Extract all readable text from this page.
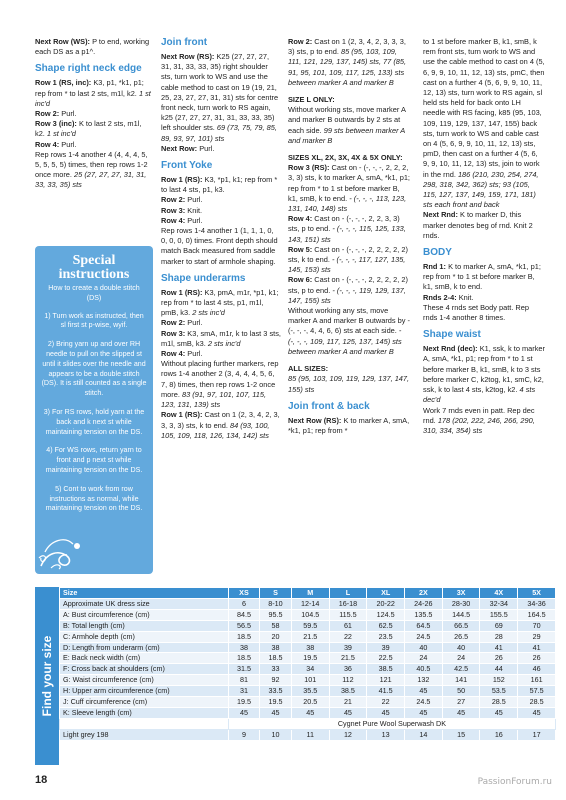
Next Row (WS): P to end, working each DS as a p1^.

Shape right neck edge

Row 1 (RS, inc): K3, p1, *k1, p1; rep from * to last 2 sts, m1l, k2. 1 st inc'd

Row 2: Purl.

Row 3 (inc): K to last 2 sts, m1l, k2. 1 st inc'd

Row 4: Purl.

Rep rows 1-4 another 4 (4, 4, 4, 5, 5, 5, 5, 5) times, then rep rows 1-2 once more. 25 (27, 27, 27, 31, 31, 33, 33, 35) sts

Special
instructions
How to create a double stitch (DS)
1) Turn work as instructed, then sl first st p-wise, wyif.
2) Bring yarn up and over RH needle to pull on the slipped st until it slides over the needle and appears to be a double stitch (DS). It is still counted as a single stitch.
3) For RS rows, hold yarn at the back and k next st while maintaining tension on the DS.
4) For WS rows, return yarn to front and p next st while maintaining tension on the DS.
5) Cont to work from row instructions as normal, while maintaining tension on the DS.
Join front

Next Row (RS): K25 (27, 27, 27, 31, 31, 33, 33, 35) right shoulder sts, turn work to WS and use the cable method to cast on 19 (19, 21, 25, 23, 27, 27, 31, 31) sts for centre front neck, turn work to RS again, k25 (27, 27, 27, 31, 31, 33, 33, 35) left shoulder sts. 69 (73, 75, 79, 85, 89, 93, 97, 101) sts

Next Row: Purl.

Front Yoke

Row 1 (RS): K3, *p1, k1; rep from * to last 4 sts, p1, k3.

Row 2: Purl.

Row 3: Knit.

Row 4: Purl.

Rep rows 1-4 another 1 (1, 1, 1, 0, 0, 0, 0, 0) times. Front depth should match Back measured from saddle marker to start of armhole shaping.

Shape underarms

Row 1 (RS): K3, pmA, m1r, *p1, k1; rep from * to last 4 sts, p1, m1l, pmB, k3. 2 sts inc'd

Row 2: Purl.

Row 3: K3, smA, m1r, k to last 3 sts, m1l, smB, k3. 2 sts inc'd

Row 4: Purl.

Without placing further markers, rep rows 1-4 another 2 (3, 4, 4, 4, 5, 6, 7, 8) times, then rep rows 1-2 once more. 83 (91, 97, 101, 107, 115, 123, 131, 139) sts

Row 1 (RS): Cast on 1 (2, 3, 4, 2, 3, 3, 3, 3) sts, k to end. 84 (93, 100, 105, 109, 118, 126, 134, 142) sts

Row 2: Cast on 1 (2, 3, 4, 2, 3, 3, 3, 3) sts, p to end. 85 (95, 103, 109, 111, 121, 129, 137, 145) sts, 77 (85, 91, 95, 101, 109, 117, 125, 133) sts between marker A and marker B

SIZE L ONLY:

Without working sts, move marker A and marker B outwards by 2 sts at each side. 99 sts between marker A and marker B

SIZES XL, 2X, 3X, 4X & 5X ONLY:

Row 3 (RS): Cast on - (-, -, -, 2, 2, 2, 3, 3) sts, k to marker A, smA, *k1, p1; rep from * to 1 st before marker B, k1, smB, k to end. - (-, -, -, 113, 123, 131, 140, 148) sts

Row 4: Cast on - (-, -, -, 2, 2, 3, 3) sts, p to end. - (-, -, -, 115, 125, 133, 143, 151) sts

Row 5: Cast on - (-, -, -, 2, 2, 2, 2, 2) sts, k to end. - (-, -, -, 117, 127, 135, 145, 153) sts

Row 6: Cast on - (-, -, -, 2, 2, 2, 2, 2) sts, p to end. - (-, -, -, 119, 129, 137, 147, 155) sts

Without working any sts, move marker A and marker B outwards by - (-, -, -, 4, 4, 6, 6) sts at each side. - (-, -, -, 109, 117, 125, 137, 145) sts between marker A and marker B

ALL SIZES:

85 (95, 103, 109, 119, 129, 137, 147, 155) sts

Join front & back

Next Row (RS): K to marker A, smA, *k1, p1; rep from *

to 1 st before marker B, k1, smB, k rem front sts, turn work to WS and use the cable method to cast on 4 (5, 6, 9, 9, 10, 11, 12, 13) sts, pmC, then cast on a further 4 (5, 6, 9, 9, 10, 11, 12, 13) sts, turn work to RS again, sl held sts held for back onto LH needle with RS facing, k85 (95, 103, 109, 119, 129, 137, 147, 155) back sts, turn work to WS and cable cast on 4 (5, 6, 9, 9, 10, 11, 12, 13) sts, pmD, then cast on a further 4 (5, 6, 9, 9, 10, 11, 12, 13) sts, join to work in the rnd. 186 (210, 230, 254, 274, 298, 318, 342, 362) sts; 93 (105, 115, 127, 137, 149, 159, 171, 181) sts each front and back

Next Rnd: K to marker D, this marker denotes beg of rnd. Knit 2 rnds.

BODY

Rnd 1: K to marker A, smA, *k1, p1; rep from * to 1 st before marker B, k1, smB, k to end.

Rnds 2-4: Knit.

These 4 rnds set Body patt. Rep rnds 1-4 another 8 times.

Shape waist

Next Rnd (dec): K1, ssk, k to marker A, smA, *k1, p1; rep from * to 1 st before marker B, k1, smB, k to 3 sts before marker C, k2tog, k1, smC, k2, ssk, k to last 4 sts, k2tog, k2. 4 sts dec'd

Work 7 rnds even in patt. Rep dec rnd. 178 (202, 222, 246, 266, 290, 310, 334, 354) sts

Find your size
Size	XS	S	M	L	XL	2X	3X	4X	5X
Approximate UK dress size	6	8-10	12-14	16-18	20-22	24-26	28-30	32-34	34-36
A: Bust circumference (cm)	84.5	95.5	104.5	115.5	124.5	135.5	144.5	155.5	164.5
B: Total length (cm)	56.5	58	59.5	61	62.5	64.5	66.5	69	70
C: Armhole depth (cm)	18.5	20	21.5	22	23.5	24.5	26.5	28	29
D: Length from underarm (cm)	38	38	38	39	39	40	40	41	41
E: Back neck width (cm)	18.5	18.5	19.5	21.5	22.5	24	24	26	26
F: Cross back at shoulders (cm)	31.5	33	34	36	38.5	40.5	42.5	44	46
G: Waist circumference (cm)	81	92	101	112	121	132	141	152	161
H: Upper arm circumference (cm)	31	33.5	35.5	38.5	41.5	45	50	53.5	57.5
J: Cuff circumference (cm)	19.5	19.5	20.5	21	22	24.5	27	28.5	28.5
K: Sleeve length (cm)	45	45	45	45	45	45	45	45	45
	Cygnet Pure Wool Superwash DK								
Light grey 198	9	10	11	12	13	14	15	16	17
18	PassionForum.ru
